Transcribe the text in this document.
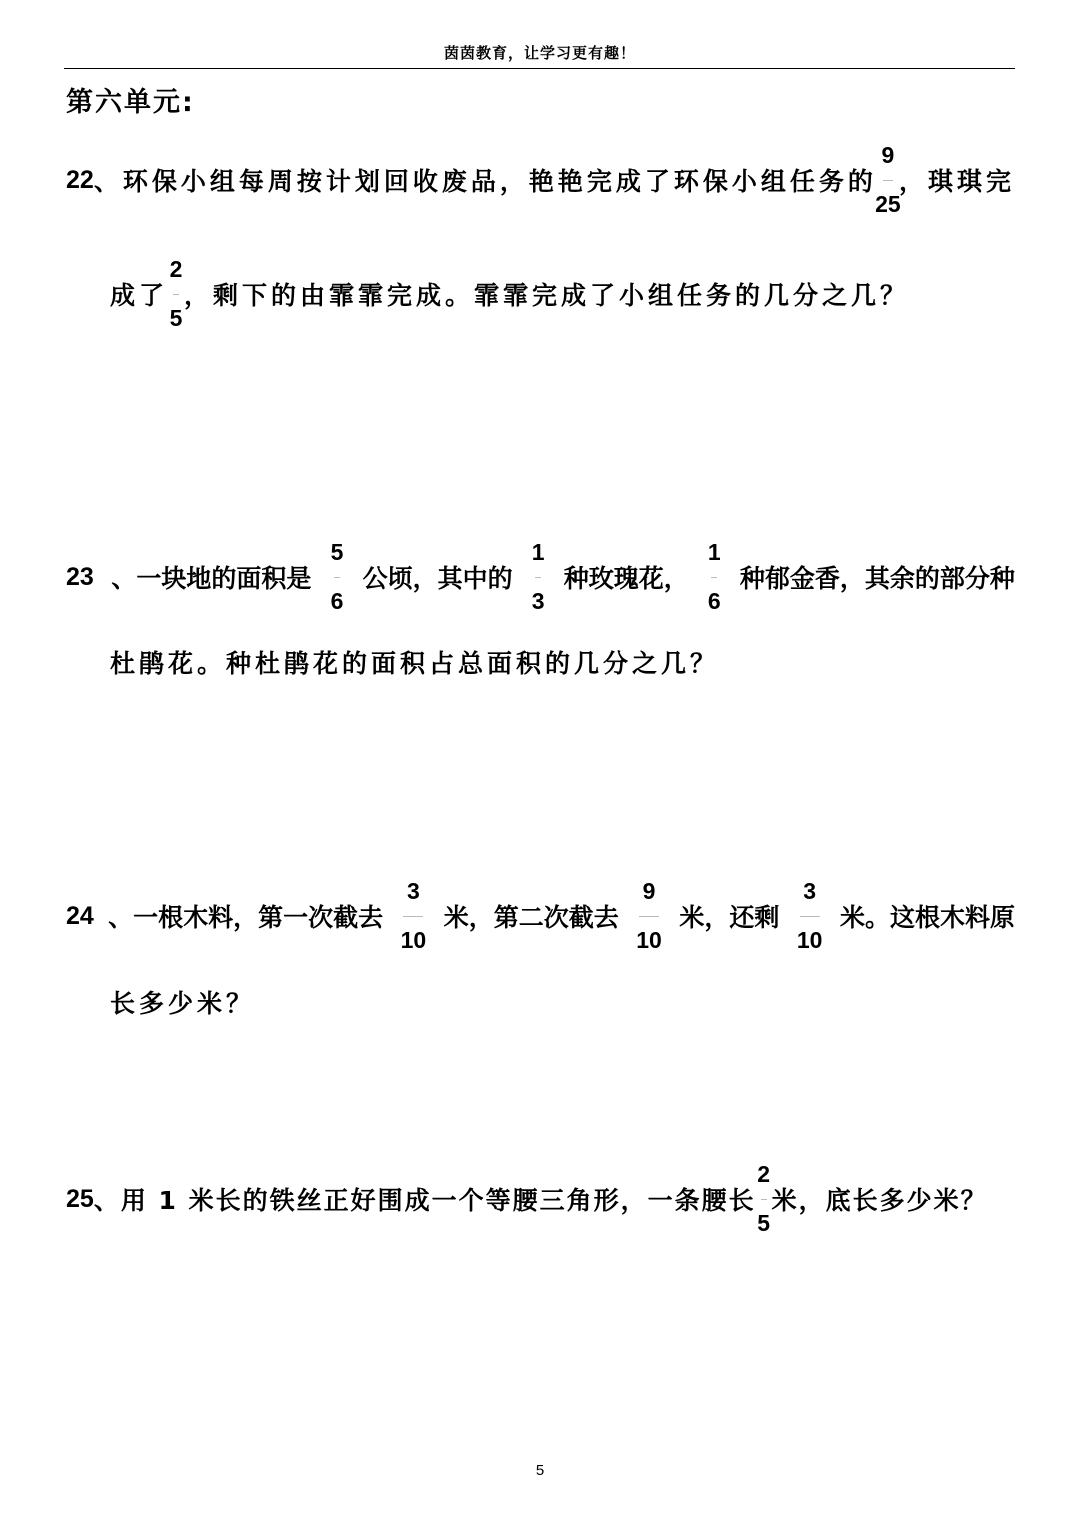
茵茵教育，让学习更有趣！
第六单元:
22 、环保小组每周按计划回收废品，艳艳完成了环保小组任务的 $\frac{9}{25}$ ，琪琪完
成了 $\frac{2}{5}$ ，剩下的由霏霏完成。霏霏完成了小组任务的几分之几？
23 、一块地的面积是 $\frac{5}{6}$ 公顷，其中的 $\frac{1}{3}$ 种玫瑰花， $\frac{1}{6}$ 种郁金香，其余的部分种
杜鹃花。种杜鹃花的面积占总面积的几分之几？
24 、一根木料，第一次截去 $\frac{3}{10}$ 米，第二次截去 $\frac{9}{10}$ 米，还剩 $\frac{3}{10}$ 米。这根木料原
长多少米？
25 、用 1 米长的铁丝正好围成一个等腰三角形，一条腰长 $\frac{2}{5}$ 米，底长多少米？
5
